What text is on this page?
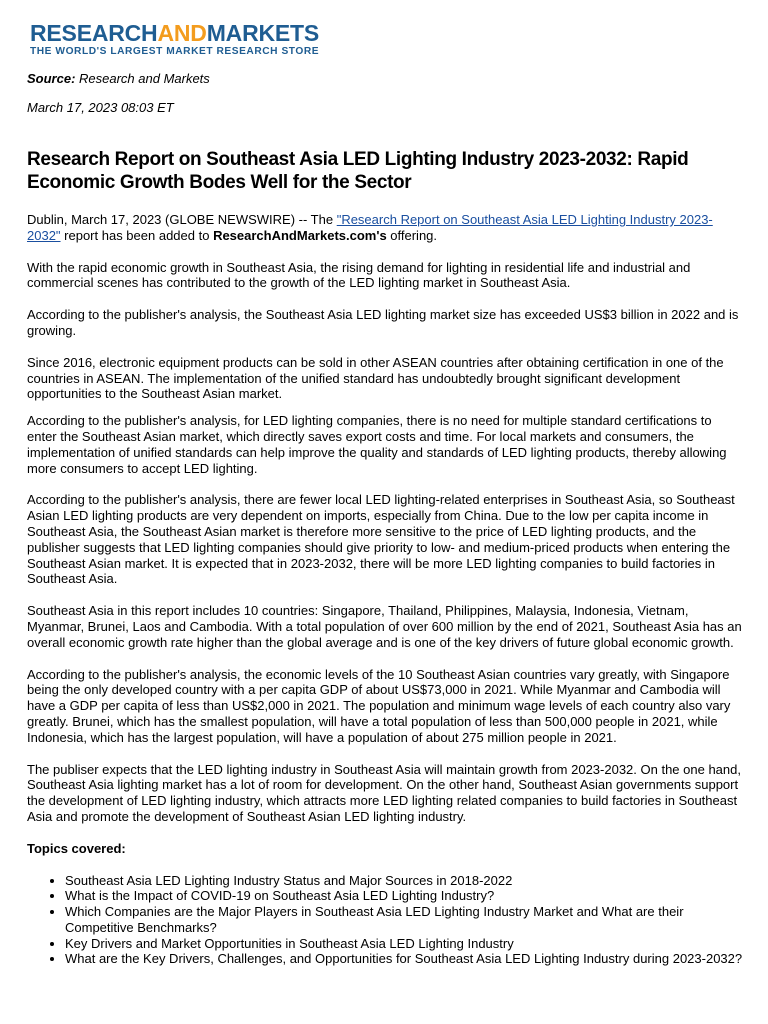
RESEARCHANDMARKETS
THE WORLD'S LARGEST MARKET RESEARCH STORE
Source: Research and Markets
March 17, 2023 08:03 ET
Research Report on Southeast Asia LED Lighting Industry 2023-2032: Rapid Economic Growth Bodes Well for the Sector

Dublin, March 17, 2023 (GLOBE NEWSWIRE) -- The "Research Report on Southeast Asia LED Lighting Industry 2023-2032" report has been added to ResearchAndMarkets.com's offering.

With the rapid economic growth in Southeast Asia, the rising demand for lighting in residential life and industrial and commercial scenes has contributed to the growth of the LED lighting market in Southeast Asia.

According to the publisher's analysis, the Southeast Asia LED lighting market size has exceeded US$3 billion in 2022 and is growing.

Since 2016, electronic equipment products can be sold in other ASEAN countries after obtaining certification in one of the countries in ASEAN. The implementation of the unified standard has undoubtedly brought significant development opportunities to the Southeast Asian market.

According to the publisher's analysis, for LED lighting companies, there is no need for multiple standard certifications to enter the Southeast Asian market, which directly saves export costs and time. For local markets and consumers, the implementation of unified standards can help improve the quality and standards of LED lighting products, thereby allowing more consumers to accept LED lighting.

According to the publisher's analysis, there are fewer local LED lighting-related enterprises in Southeast Asia, so Southeast Asian LED lighting products are very dependent on imports, especially from China. Due to the low per capita income in Southeast Asia, the Southeast Asian market is therefore more sensitive to the price of LED lighting products, and the publisher suggests that LED lighting companies should give priority to low- and medium-priced products when entering the Southeast Asian market. It is expected that in 2023-2032, there will be more LED lighting companies to build factories in Southeast Asia.

Southeast Asia in this report includes 10 countries: Singapore, Thailand, Philippines, Malaysia, Indonesia, Vietnam, Myanmar, Brunei, Laos and Cambodia. With a total population of over 600 million by the end of 2021, Southeast Asia has an overall economic growth rate higher than the global average and is one of the key drivers of future global economic growth.

According to the publisher's analysis, the economic levels of the 10 Southeast Asian countries vary greatly, with Singapore being the only developed country with a per capita GDP of about US$73,000 in 2021. While Myanmar and Cambodia will have a GDP per capita of less than US$2,000 in 2021. The population and minimum wage levels of each country also vary greatly. Brunei, which has the smallest population, will have a total population of less than 500,000 people in 2021, while Indonesia, which has the largest population, will have a population of about 275 million people in 2021.

The publiser expects that the LED lighting industry in Southeast Asia will maintain growth from 2023-2032. On the one hand, Southeast Asia lighting market has a lot of room for development. On the other hand, Southeast Asian governments support the development of LED lighting industry, which attracts more LED lighting related companies to build factories in Southeast Asia and promote the development of Southeast Asian LED lighting industry.

Topics covered:
• Southeast Asia LED Lighting Industry Status and Major Sources in 2018-2022
• What is the Impact of COVID-19 on Southeast Asia LED Lighting Industry?
• Which Companies are the Major Players in Southeast Asia LED Lighting Industry Market and What are their Competitive Benchmarks?
• Key Drivers and Market Opportunities in Southeast Asia LED Lighting Industry
• What are the Key Drivers, Challenges, and Opportunities for Southeast Asia LED Lighting Industry during 2023-2032?
